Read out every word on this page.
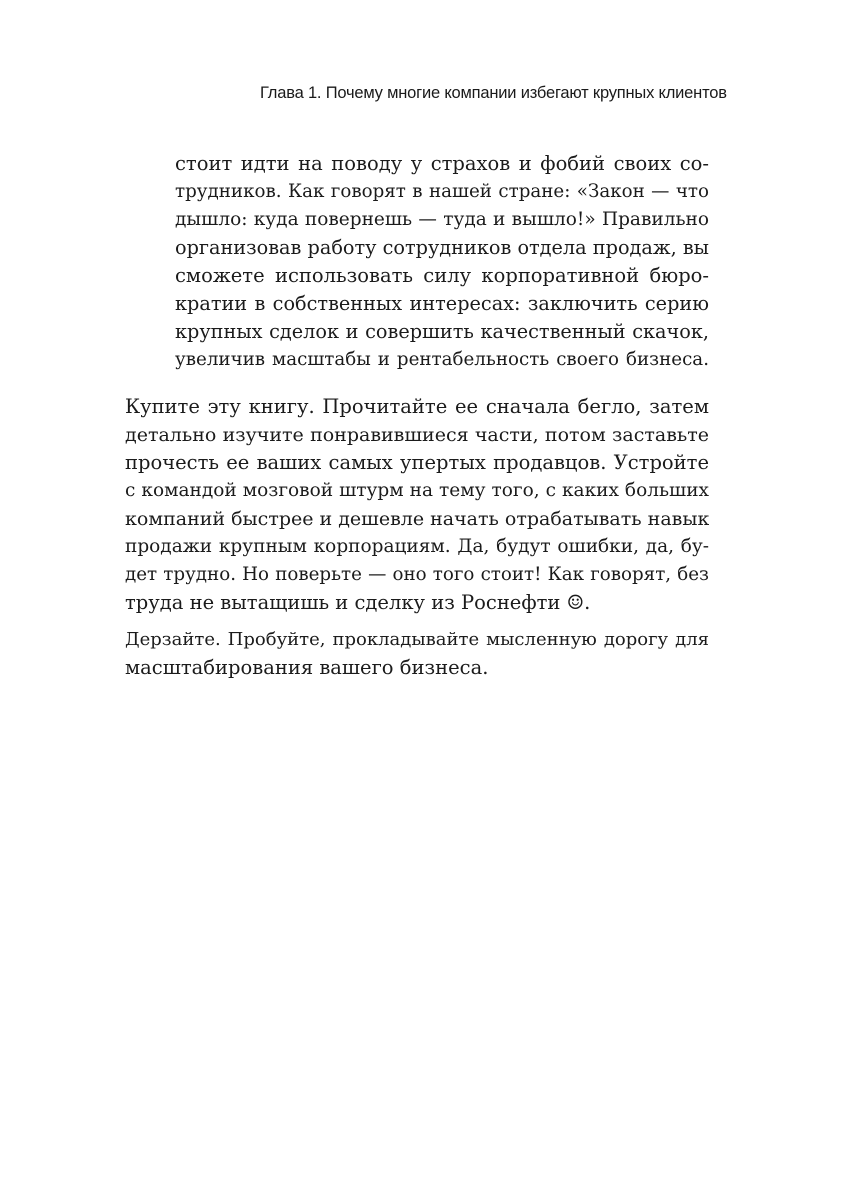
Глава 1. Почему многие компании избегают крупных клиентов
стоит идти на поводу у страхов и фобий своих со-
трудников. Как говорят в нашей стране: «Закон — что
дышло: куда повернешь — туда и вышло!» Правильно
организовав работу сотрудников отдела продаж, вы
сможете использовать силу корпоративной бюро-
кратии в собственных интересах: заключить серию
крупных сделок и совершить качественный скачок,
увеличив масштабы и рентабельность своего бизнеса.
Купите эту книгу. Прочитайте ее сначала бегло, затем
детально изучите понравившиеся части, потом заставьте
прочесть ее ваших самых упертых продавцов. Устройте
с командой мозговой штурм на тему того, с каких больших
компаний быстрее и дешевле начать отрабатывать навык
продажи крупным корпорациям. Да, будут ошибки, да, бу-
дет трудно. Но поверьте — оно того стоит! Как говорят, без
труда не вытащишь и сделку из Роснефти ☺.
Дерзайте. Пробуйте, прокладывайте мысленную дорогу для
масштабирования вашего бизнеса.
